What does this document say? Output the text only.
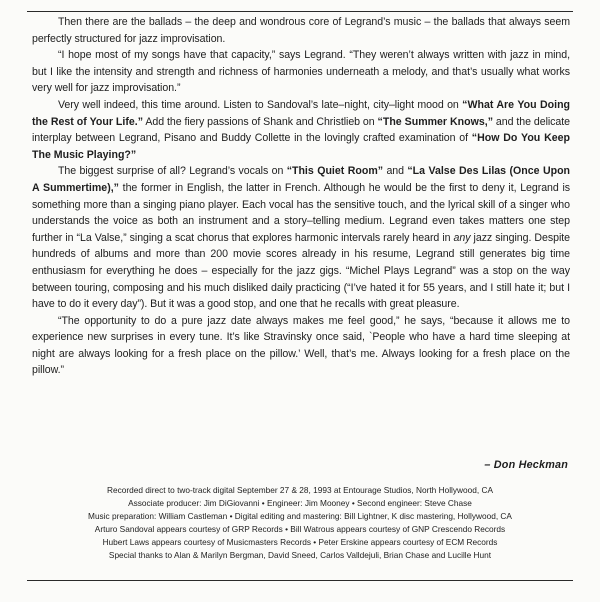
Then there are the ballads – the deep and wondrous core of Legrand’s music – the ballads that always seem perfectly structured for jazz improvisation.

“I hope most of my songs have that capacity,” says Legrand. “They weren’t always written with jazz in mind, but I like the intensity and strength and richness of harmonies underneath a melody, and that’s usually what works very well for jazz improvisation.”

Very well indeed, this time around. Listen to Sandoval’s late–night, city–light mood on “What Are You Doing the Rest of Your Life.” Add the fiery passions of Shank and Christlieb on “The Summer Knows,” and the delicate interplay between Legrand, Pisano and Buddy Collette in the lovingly crafted examination of “How Do You Keep The Music Playing?”

The biggest surprise of all? Legrand’s vocals on “This Quiet Room” and “La Valse Des Lilas (Once Upon A Summertime),” the former in English, the latter in French. Although he would be the first to deny it, Legrand is something more than a singing piano player. Each vocal has the sensitive touch, and the lyrical skill of a singer who understands the voice as both an instrument and a story–telling medium. Legrand even takes matters one step further in “La Valse,” singing a scat chorus that explores harmonic intervals rarely heard in any jazz singing. Despite hundreds of albums and more than 200 movie scores already in his resume, Legrand still generates big time enthusiasm for everything he does – especially for the jazz gigs. “Michel Plays Legrand” was a stop on the way between touring, composing and his much disliked daily practicing (“I’ve hated it for 55 years, and I still hate it; but I have to do it every day”). But it was a good stop, and one that he recalls with great pleasure.

“The opportunity to do a pure jazz date always makes me feel good,” he says, “because it allows me to experience new surprises in every tune. It’s like Stravinsky once said, `People who have a hard time sleeping at night are always looking for a fresh place on the pillow.’ Well, that’s me. Always looking for a fresh place on the pillow.”

– Don Heckman
Recorded direct to two-track digital September 27 & 28, 1993 at Entourage Studios, North Hollywood, CA
Associate producer: Jim DiGiovanni • Engineer: Jim Mooney • Second engineer: Steve Chase
Music preparation: William Castleman • Digital editing and mastering: Bill Lightner, K disc mastering, Hollywood, CA
Arturo Sandoval appears courtesy of GRP Records • Bill Watrous appears courtesy of GNP Crescendo Records
Hubert Laws appears courtesy of Musicmasters Records • Peter Erskine appears courtesy of ECM Records
Special thanks to Alan & Marilyn Bergman, David Sneed, Carlos Valldejuli, Brian Chase and Lucille Hunt
